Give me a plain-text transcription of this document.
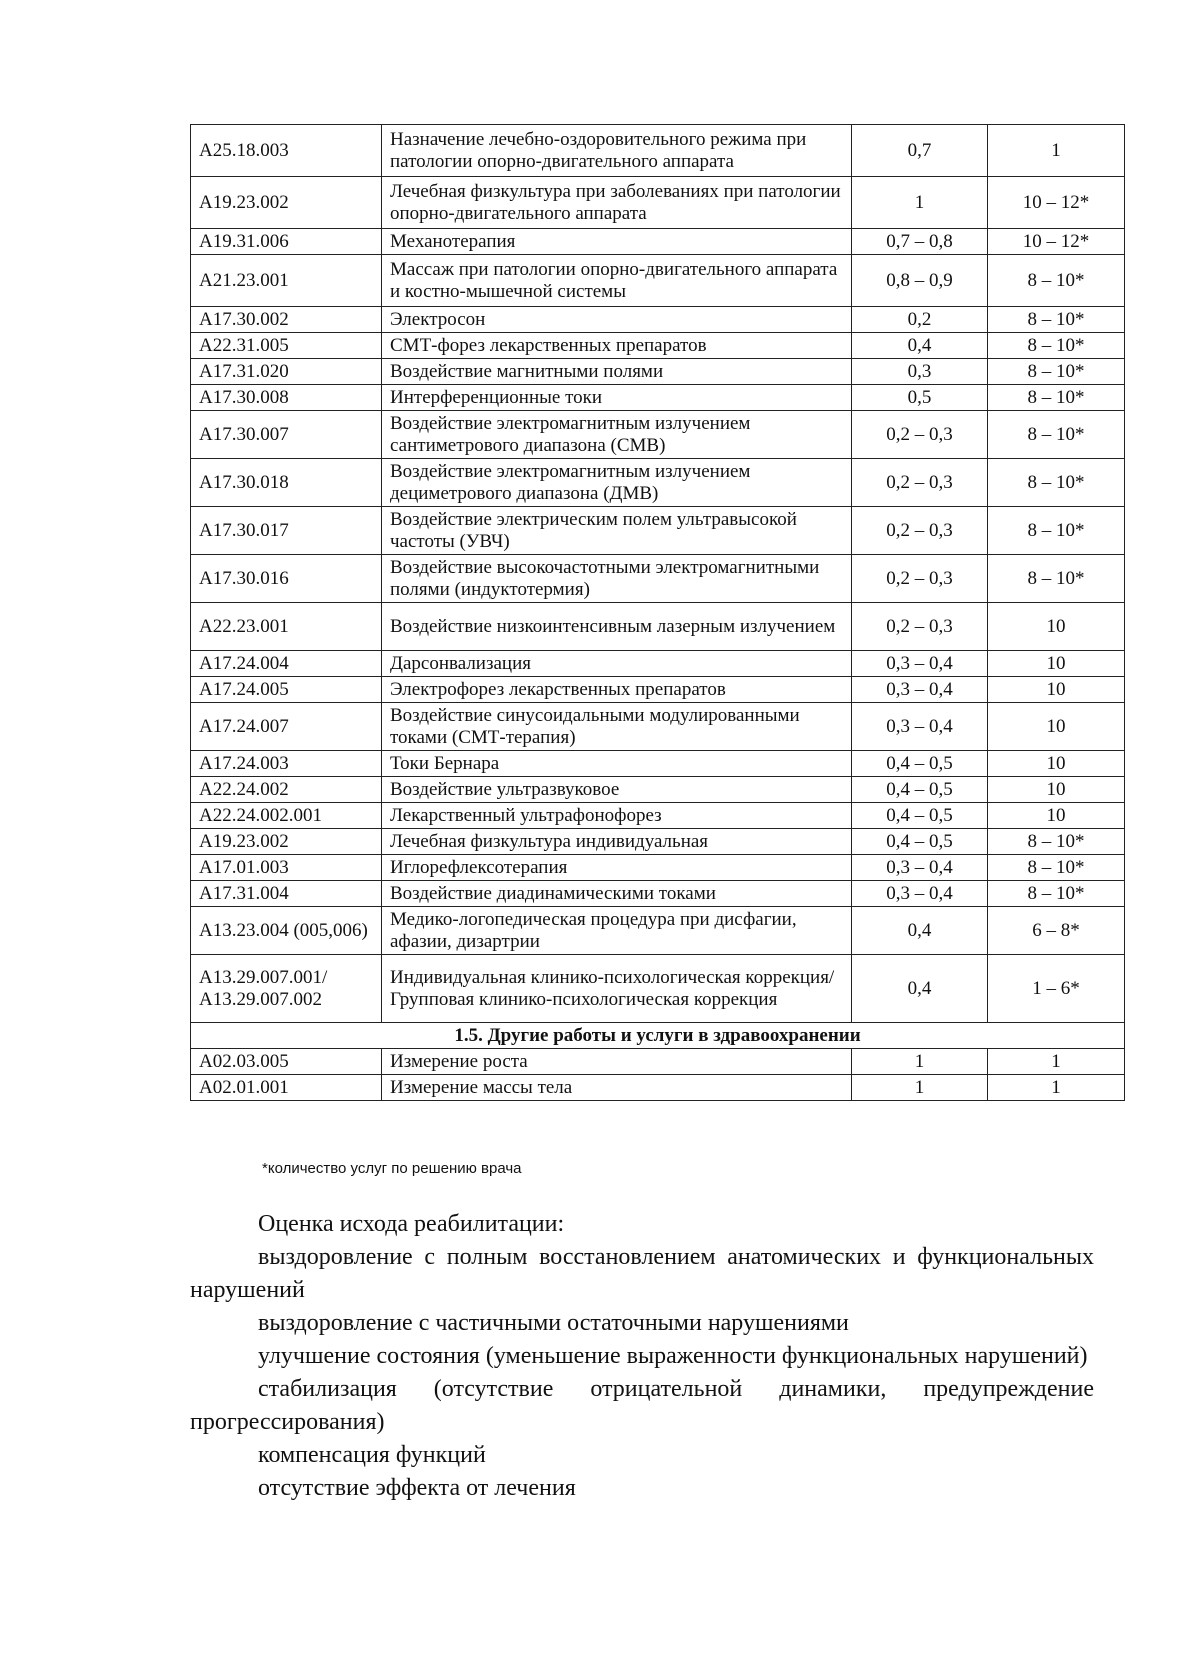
А25.18.003	Назначение лечебно-оздоровительного режима при патологии опорно-двигательного аппарата	0,7	1
А19.23.002	Лечебная физкультура при заболеваниях при патологии опорно-двигательного аппарата	1	10 – 12*
А19.31.006	Механотерапия	0,7 – 0,8	10 – 12*
А21.23.001	Массаж при патологии опорно-двигательного аппарата и костно-мышечной системы	0,8 – 0,9	8 – 10*
А17.30.002	Электросон	0,2	8 – 10*
А22.31.005	СМТ-форез лекарственных препаратов	0,4	8 – 10*
А17.31.020	Воздействие магнитными полями	0,3	8 – 10*
А17.30.008	Интерференционные токи	0,5	8 – 10*
А17.30.007	Воздействие электромагнитным излучением сантиметрового диапазона (СМВ)	0,2 – 0,3	8 – 10*
А17.30.018	Воздействие электромагнитным излучением дециметрового диапазона (ДМВ)	0,2 – 0,3	8 – 10*
А17.30.017	Воздействие электрическим полем ультравысокой частоты (УВЧ)	0,2 – 0,3	8 – 10*
А17.30.016	Воздействие высокочастотными электромагнитными полями (индуктотермия)	0,2 – 0,3	8 – 10*
А22.23.001	Воздействие низкоинтенсивным лазерным излучением	0,2 – 0,3	10
А17.24.004	Дарсонвализация	0,3 – 0,4	10
А17.24.005	Электрофорез лекарственных препаратов	0,3 – 0,4	10
А17.24.007	Воздействие синусоидальными модулированными токами (СМТ-терапия)	0,3 – 0,4	10
А17.24.003	Токи Бернара	0,4 – 0,5	10
А22.24.002	Воздействие ультразвуковое	0,4 – 0,5	10
А22.24.002.001	Лекарственный ультрафонофорез	0,4 – 0,5	10
А19.23.002	Лечебная физкультура индивидуальная	0,4 – 0,5	8 – 10*
А17.01.003	Иглорефлексотерапия	0,3 – 0,4	8 – 10*
А17.31.004	Воздействие диадинамическими токами	0,3 – 0,4	8 – 10*
А13.23.004 (005,006)	Медико-логопедическая процедура при дисфагии, афазии, дизартрии	0,4	6 – 8*
А13.29.007.001/А13.29.007.002	Индивидуальная клинико-психологическая коррекция/Групповая клинико-психологическая коррекция	0,4	1 – 6*
1.5. Другие работы и услуги в здравоохранении			
А02.03.005	Измерение роста	1	1
А02.01.001	Измерение массы тела	1	1
*количество услуг по решению врача

Оценка исхода реабилитации:

выздоровление с полным восстановлением анатомических и функциональных нарушений

выздоровление с частичными остаточными нарушениями

улучшение состояния (уменьшение выраженности функциональных нарушений)

стабилизация (отсутствие отрицательной динамики, предупреждение прогрессирования)

компенсация функций

отсутствие эффекта от лечения
